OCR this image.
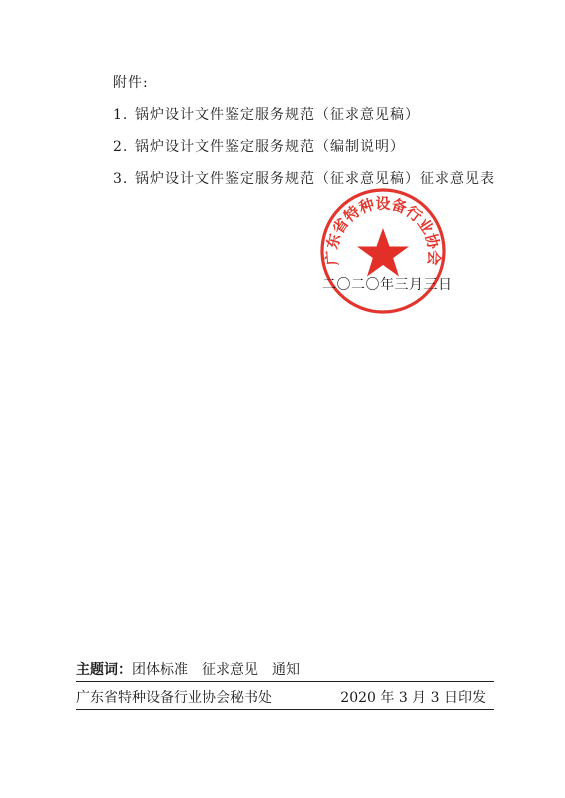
附件:
1. 锅炉设计文件鉴定服务规范（征求意见稿）
2. 锅炉设计文件鉴定服务规范（编制说明）
3. 锅炉设计文件鉴定服务规范（征求意见稿）征求意见表
广东省特种设备行业协会
二〇二〇年三月三日
主题词：团体标准　征求意见　通知
广东省特种设备行业协会秘书处	2020 年 3 月 3 日印发
